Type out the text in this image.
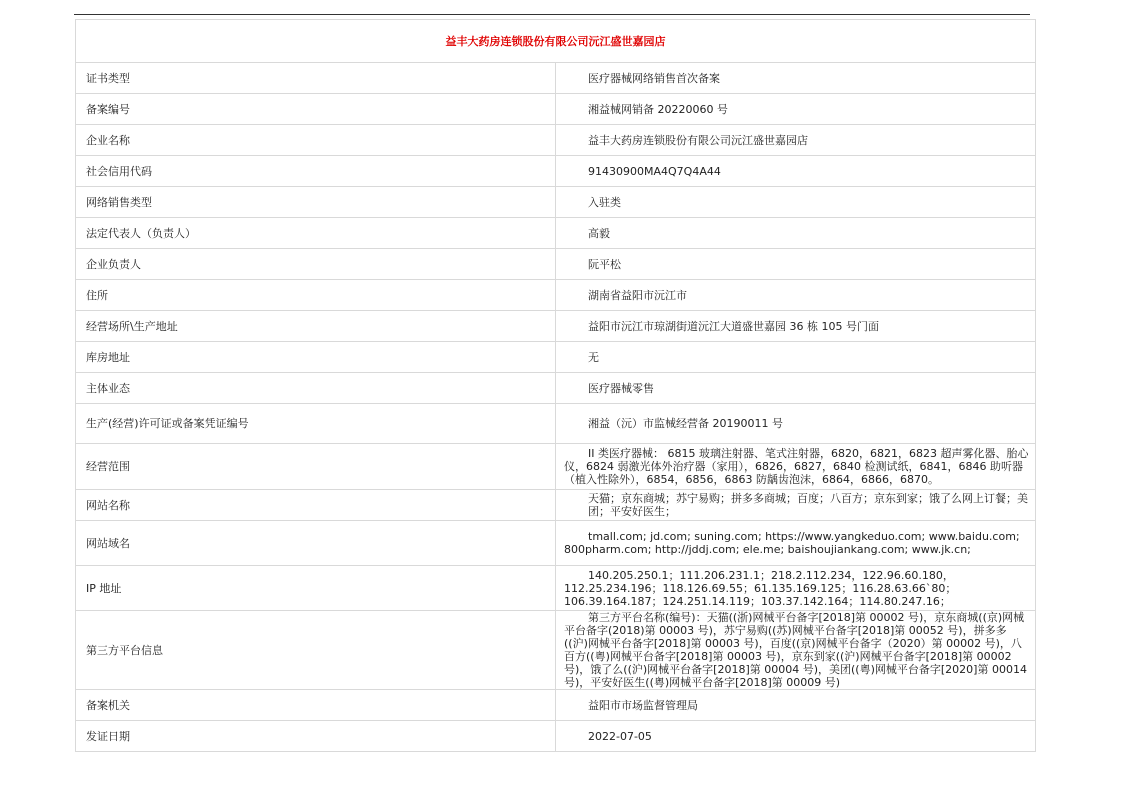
益丰大药房连锁股份有限公司沅江盛世嘉园店	
证书类型	医疗器械网络销售首次备案

备案编号	湘益械网销备 20220060 号

企业名称	益丰大药房连锁股份有限公司沅江盛世嘉园店

社会信用代码	91430900MA4Q7Q4A44

网络销售类型	入驻类

法定代表人（负责人）	高毅

企业负责人	阮平松

住所	湖南省益阳市沅江市

经营场所\生产地址	益阳市沅江市琼湖街道沅江大道盛世嘉园 36 栋 105 号门面

库房地址	无

主体业态	医疗器械零售

生产(经营)许可证或备案凭证编号	湘益（沅）市监械经营备 20190011 号

经营范围	II 类医疗器械： 6815 玻璃注射器、笔式注射器，6820，6821，6823 超声雾化器、胎心仪，6824 弱激光体外治疗器（家用），6826，6827，6840 检测试纸，6841，6846 助听器（植入性除外），6854，6856，6863 防龋齿泡沫，6864，6866，6870。

网站名称	天猫；京东商城；苏宁易购；拼多多商城；百度；八百方；京东到家；饿了么网上订餐；美团；平安好医生；

网站域名	tmall.com; jd.com; suning.com; https://www.yangkeduo.com; www.baidu.com; 800pharm.com; http://jddj.com; ele.me; baishoujiankang.com; www.jk.cn;

IP 地址	140.205.250.1；111.206.231.1；218.2.112.234，122.96.60.180，112.25.234.196；118.126.69.55；61.135.169.125；116.28.63.66`80；106.39.164.187；124.251.14.119；103.37.142.164；114.80.247.16；

第三方平台信息	第三方平台名称(编号)：天猫((浙)网械平台备字[2018]第 00002 号)，京东商城((京)网械平台备字(2018)第 00003 号)，苏宁易购((苏)网械平台备字[2018]第 00052 号)，拼多多((沪)网械平台备字[2018]第 00003 号)，百度((京)网械平台备字（2020）第 00002 号)，八百方((粤)网械平台备字[2018]第 00003 号)，京东到家((沪)网械平台备字[2018]第 00002 号)，饿了么((沪)网械平台备字[2018]第 00004 号)，美团((粤)网械平台备字[2020]第 00014 号)，平安好医生((粤)网械平台备字[2018]第 00009 号)

备案机关	益阳市市场监督管理局

发证日期	2022-07-05
